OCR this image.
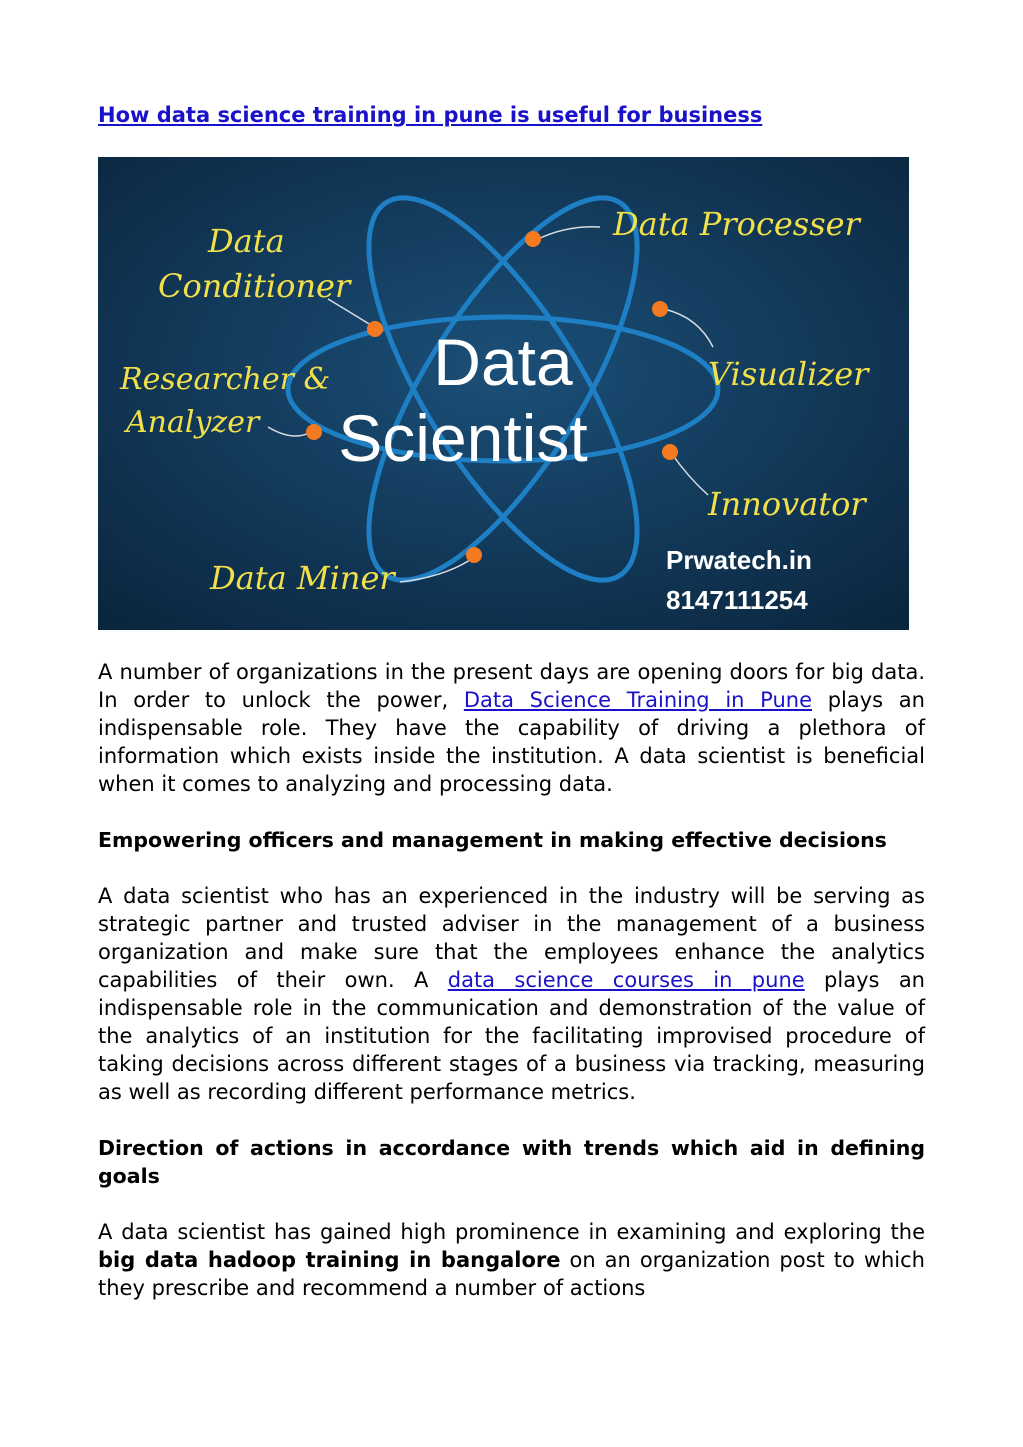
How data science training in pune is useful for business
Data
Scientist
Data
Conditioner
Researcher &
Analyzer
Data Miner
Data Processer
Visualizer
Innovator
Prwatech.in
8147111254

A number of organizations in the present days are opening doors for big data. In order to unlock the power, Data Science Training in Pune plays an indispensable role. They have the capability of driving a plethora of information which exists inside the institution. A data scientist is beneficial when it comes to analyzing and processing data.

Empowering officers and management in making effective decisions

A data scientist who has an experienced in the industry will be serving as strategic partner and trusted adviser in the management of a business organization and make sure that the employees enhance the analytics capabilities of their own. A data science courses in pune plays an indispensable role in the communication and demonstration of the value of the analytics of an institution for the facilitating improvised procedure of taking decisions across different stages of a business via tracking, measuring as well as recording different performance metrics.

Direction of actions in accordance with trends which aid in defining goals

A data scientist has gained high prominence in examining and exploring the big data hadoop training in bangalore on an organization post to which they prescribe and recommend a number of actions
